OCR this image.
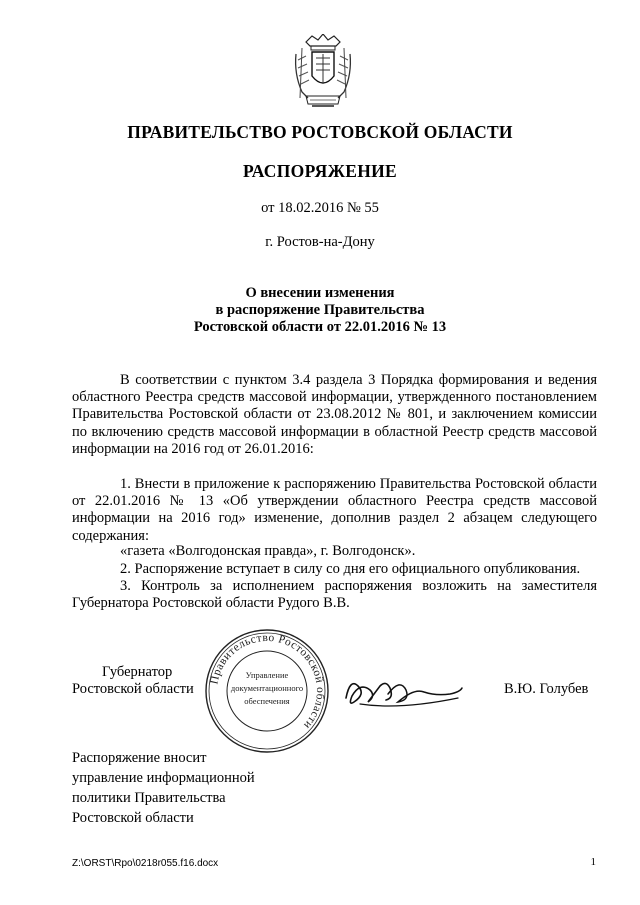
ПРАВИТЕЛЬСТВО РОСТОВСКОЙ ОБЛАСТИ
РАСПОРЯЖЕНИЕ
от 18.02.2016 № 55
г. Ростов-на-Дону
О внесении изменения
в распоряжение Правительства
Ростовской области от 22.01.2016 № 13
В соответствии с пунктом 3.4 раздела 3 Порядка формирования и ведения областного Реестра средств массовой информации, утвержденного постановлением Правительства Ростовской области от 23.08.2012 № 801, и заключением комиссии по включению средств массовой информации в областной Реестр средств массовой информации на 2016 год от 26.01.2016:
1. Внести в приложение к распоряжению Правительства Ростовской области от 22.01.2016 № 13 «Об утверждении областного Реестра средств массовой информации на 2016 год» изменение, дополнив раздел 2 абзацем следующего содержания:
«газета «Волгодонская правда», г. Волгодонск».
2. Распоряжение вступает в силу со дня его официального опубликования.
3. Контроль за исполнением распоряжения возложить на заместителя Губернатора Ростовской области Рудого В.В.
Губернатор
Ростовской области
Правительство Ростовской области
Управление
документационного
обеспечения
В.Ю. Голубев
Распоряжение вносит
управление информационной
политики Правительства
Ростовской области
Z:\ORST\Rpo\0218r055.f16.docx	1
